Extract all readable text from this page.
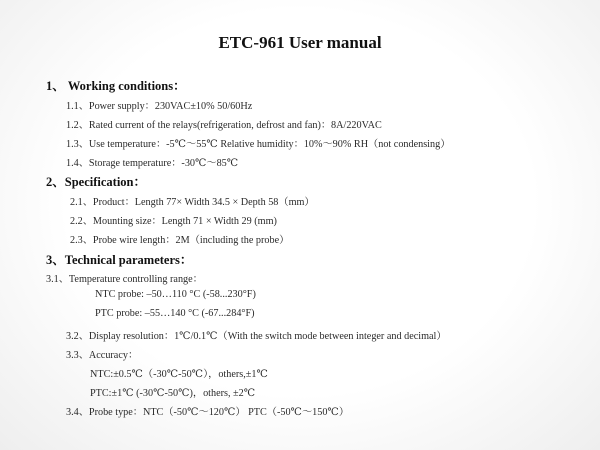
ETC-961 User manual
1、 Working conditions：
1.1、Power supply：230VAC±10% 50/60Hz
1.2、Rated current of the relays(refrigeration, defrost and fan)：8A/220VAC
1.3、Use temperature：-5℃～55℃ Relative humidity：10%～90% RH（not condensing）
1.4、Storage temperature：-30℃～85℃
2、Specification：
2.1、Product：Length 77× Width 34.5 × Depth 58（mm）
2.2、Mounting size：Length 71 × Width 29 (mm)
2.3、Probe wire length：2M（including the probe）
3、Technical parameters：
3.1、Temperature controlling range：
NTC probe: –50…110 °C (-58...230°F)
PTC probe: –55…140 °C (-67...284°F)
3.2、Display resolution：1℃/0.1℃（With the switch mode between integer and decimal）
3.3、Accuracy：
NTC:±0.5℃（-30℃-50℃），others,±1℃
PTC:±1℃ (-30℃-50℃)，others, ±2℃
3.4、Probe type：NTC（-50℃～120℃） PTC（-50℃～150℃）
